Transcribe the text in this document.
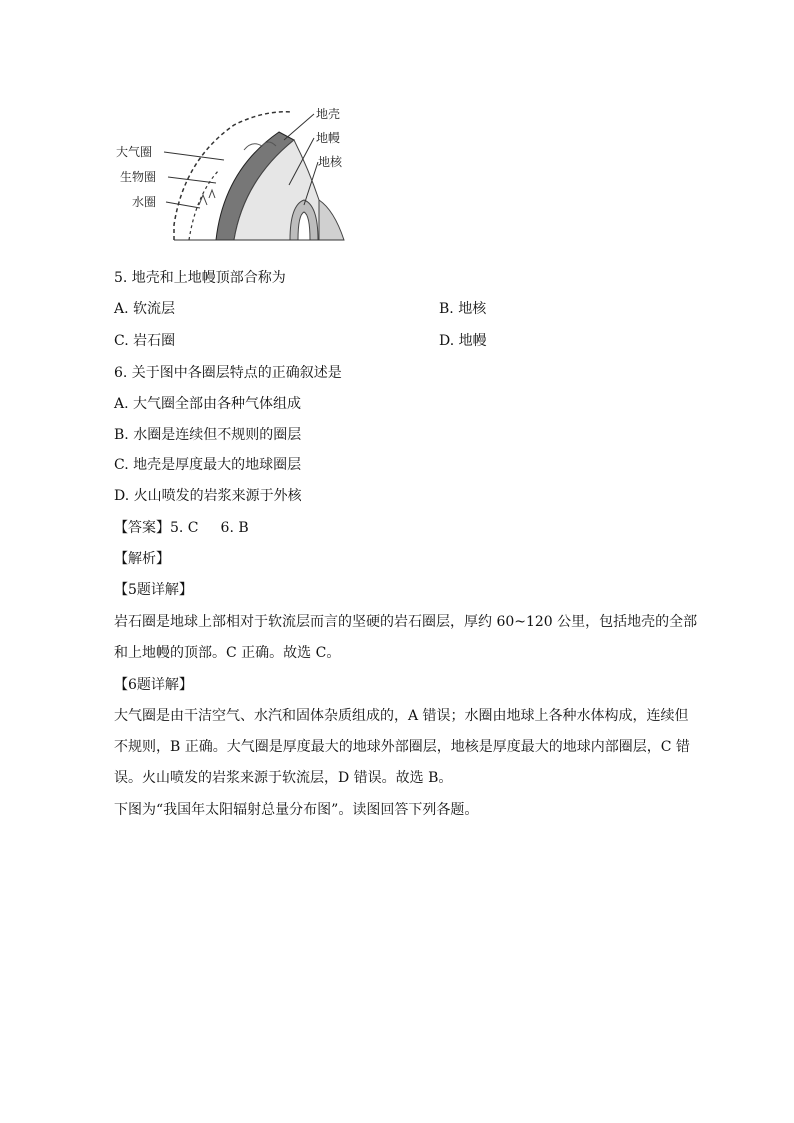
大气圈
生物圈
水圈
地壳
地幔
地核
5. 地壳和上地幔顶部合称为
A. 软流层	B. 地核
C. 岩石圈	D. 地幔
6. 关于图中各圈层特点的正确叙述是
A. 大气圈全部由各种气体组成
B. 水圈是连续但不规则的圈层
C. 地壳是厚度最大的地球圈层
D. 火山喷发的岩浆来源于外核
【答案】5. C 6. B
【解析】
【5题详解】
岩石圈是地球上部相对于软流层而言的坚硬的岩石圈层，厚约 60~120 公里，包括地壳的全部
和上地幔的顶部。C 正确。故选 C。
【6题详解】
大气圈是由干洁空气、水汽和固体杂质组成的，A 错误；水圈由地球上各种水体构成，连续但
不规则，B 正确。大气圈是厚度最大的地球外部圈层，地核是厚度最大的地球内部圈层，C 错
误。火山喷发的岩浆来源于软流层，D 错误。故选 B。
下图为“我国年太阳辐射总量分布图”。读图回答下列各题。
